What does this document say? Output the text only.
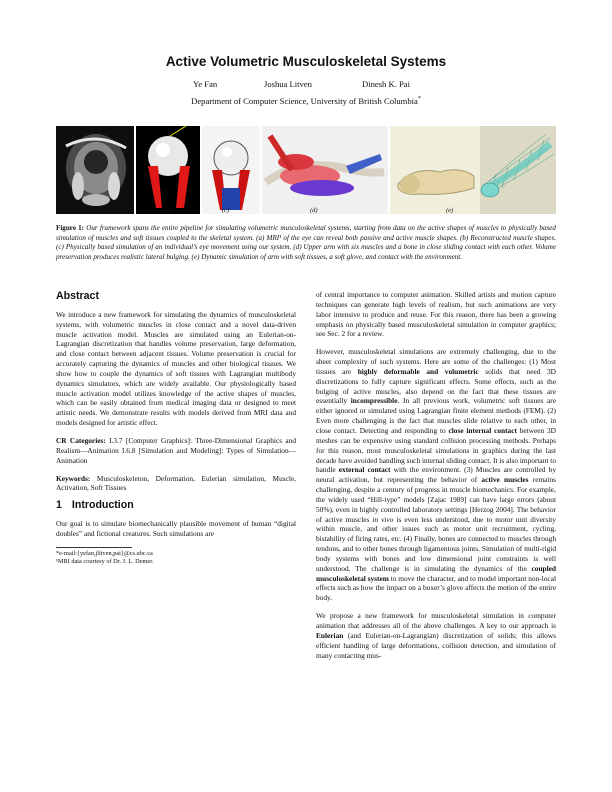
Active Volumetric Musculoskeletal Systems
Ye Fan	Joshua Litven	Dinesh K. Pai
Department of Computer Science, University of British Columbia*
(a)	(b)	(c)	(d)	(e)
Figure 1: Our framework spans the entire pipeline for simulating volumetric musculoskeletal systems, starting from data on the active shapes of muscles to physically based simulation of muscles and soft tissues coupled to the skeletal system. (a) MRI¹ of the eye can reveal both passive and active muscle shapes. (b) Reconstructed muscle shapes. (c) Physically based simulation of an individual’s eye movement using our system. (d) Upper arm with six muscles and a bone in close sliding contact with each other. Volume preservation produces realistic lateral bulging. (e) Dynamic simulation of arm with soft tissues, a soft glove, and contact with the environment.
Abstract

We introduce a new framework for simulating the dynamics of musculoskeletal systems, with volumetric muscles in close contact and a novel data-driven muscle activation model. Muscles are simulated using an Eulerian-on-Lagrangian discretization that handles volume preservation, large deformation, and close contact between adjacent tissues. Volume preservation is crucial for accurately capturing the dynamics of muscles and other biological tissues. We show how to couple the dynamics of soft tissues with Lagrangian multibody dynamics simulators, which are widely available. Our physiologically based muscle activation model utilizes knowledge of the active shapes of muscles, which can be easily obtained from medical imaging data or designed to meet artistic needs. We demonstrate results with models derived from MRI data and models designed for artistic effect.

CR Categories: I.3.7 [Computer Graphics]: Three-Dimensional Graphics and Realism—Animation I.6.8 [Simulation and Modeling]: Types of Simulation—Animation

Keywords: Musculoskeleton, Deformation, Eulerian simulation, Muscle, Activation, Soft Tissues

1 Introduction

Our goal is to simulate biomechanically plausible movement of human “digital doubles” and fictional creatures. Such simulations are

*e-mail:{yefan,jlitven,pai}@cs.ubc.ca
¹MRI data courtesy of Dr. J. L. Demer.

of central importance to computer animation. Skilled artists and motion capture techniques can generate high levels of realism, but such animations are very labor intensive to produce and reuse. For this reason, there has been a growing emphasis on physically based musculoskeletal simulation in computer graphics; see Sec. 2 for a review.

However, musculoskeletal simulations are extremely challenging, due to the sheer complexity of such systems. Here are some of the challenges: (1) Most tissues are highly deformable and volumetric solids that need 3D discretizations to fully capture significant effects. Some effects, such as the bulging of active muscles, also depend on the fact that these tissues are essentially incompressible. In all previous work, volumetric soft tissues are either ignored or simulated using Lagrangian finite element methods (FEM). (2) Even more challenging is the fact that muscles slide relative to each other, in close contact. Detecting and responding to close internal contact between 3D meshes can be expensive using standard collision processing methods. Perhaps for this reason, most musculoskeletal simulations in graphics during the last decade have avoided handling such internal sliding contact. It is also important to handle external contact with the environment. (3) Muscles are controlled by neural activation, but representing the behavior of active muscles remains challenging, despite a century of progress in muscle biomechanics. For example, the widely used “Hill-type” models [Zajac 1989] can have large errors (about 50%), even in highly controlled laboratory settings [Herzog 2004]. The behavior of active muscles in vivo is even less understood, due to motor unit diversity within muscle, and other issues such as motor unit recruitment, cycling, bistability of firing rates, etc. (4) Finally, bones are connected to muscles through tendons, and to other bones through ligamentous joints. Simulation of multi-rigid body systems with bones and low dimensional joint constraints is well understood. The challenge is in simulating the dynamics of the coupled musculoskeletal system to move the character, and to model important non-local effects such as how the impact on a boxer’s glove affects the motion of the entire body.

We propose a new framework for musculoskeletal simulation in computer animation that addresses all of the above challenges. A key to our approach is Eulerian (and Eulerian-on-Lagrangian) discretization of solids; this allows efficient handling of large deformations, collision detection, and simulation of many contacting mus-
